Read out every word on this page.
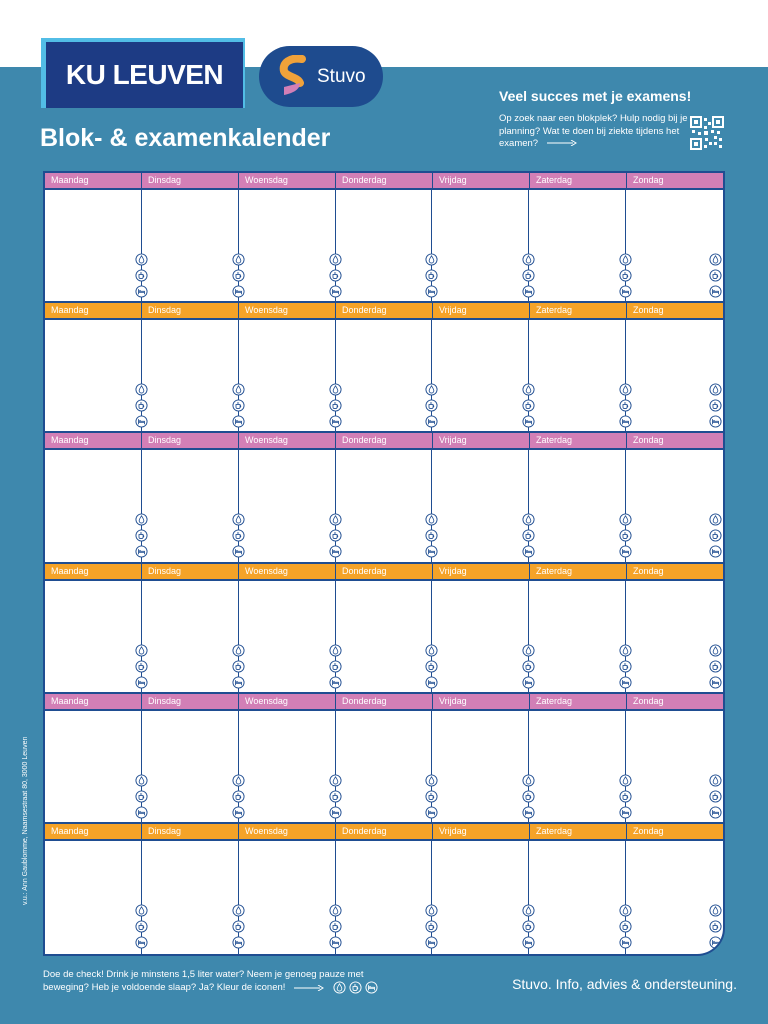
KU LEUVEN	Stuvo
Blok- & examenkalender
Veel succes met je examens!
Op zoek naar een blokplek? Hulp nodig bij je planning? Wat te doen bij ziekte tijdens het examen?
Maandag	Dinsdag	Woensdag	Donderdag	Vrijdag	Zaterdag	Zondag
Maandag	Dinsdag	Woensdag	Donderdag	Vrijdag	Zaterdag	Zondag
Maandag	Dinsdag	Woensdag	Donderdag	Vrijdag	Zaterdag	Zondag
Maandag	Dinsdag	Woensdag	Donderdag	Vrijdag	Zaterdag	Zondag
Maandag	Dinsdag	Woensdag	Donderdag	Vrijdag	Zaterdag	Zondag
Maandag	Dinsdag	Woensdag	Donderdag	Vrijdag	Zaterdag	Zondag
v.u.: Ann Gaublomme, Naamsestraat 80, 3000 Leuven
Doe de check! Drink je minstens 1,5 liter water? Neem je genoeg pauze met beweging? Heb je voldoende slaap? Ja? Kleur de iconen!	Stuvo. Info, advies & ondersteuning.
